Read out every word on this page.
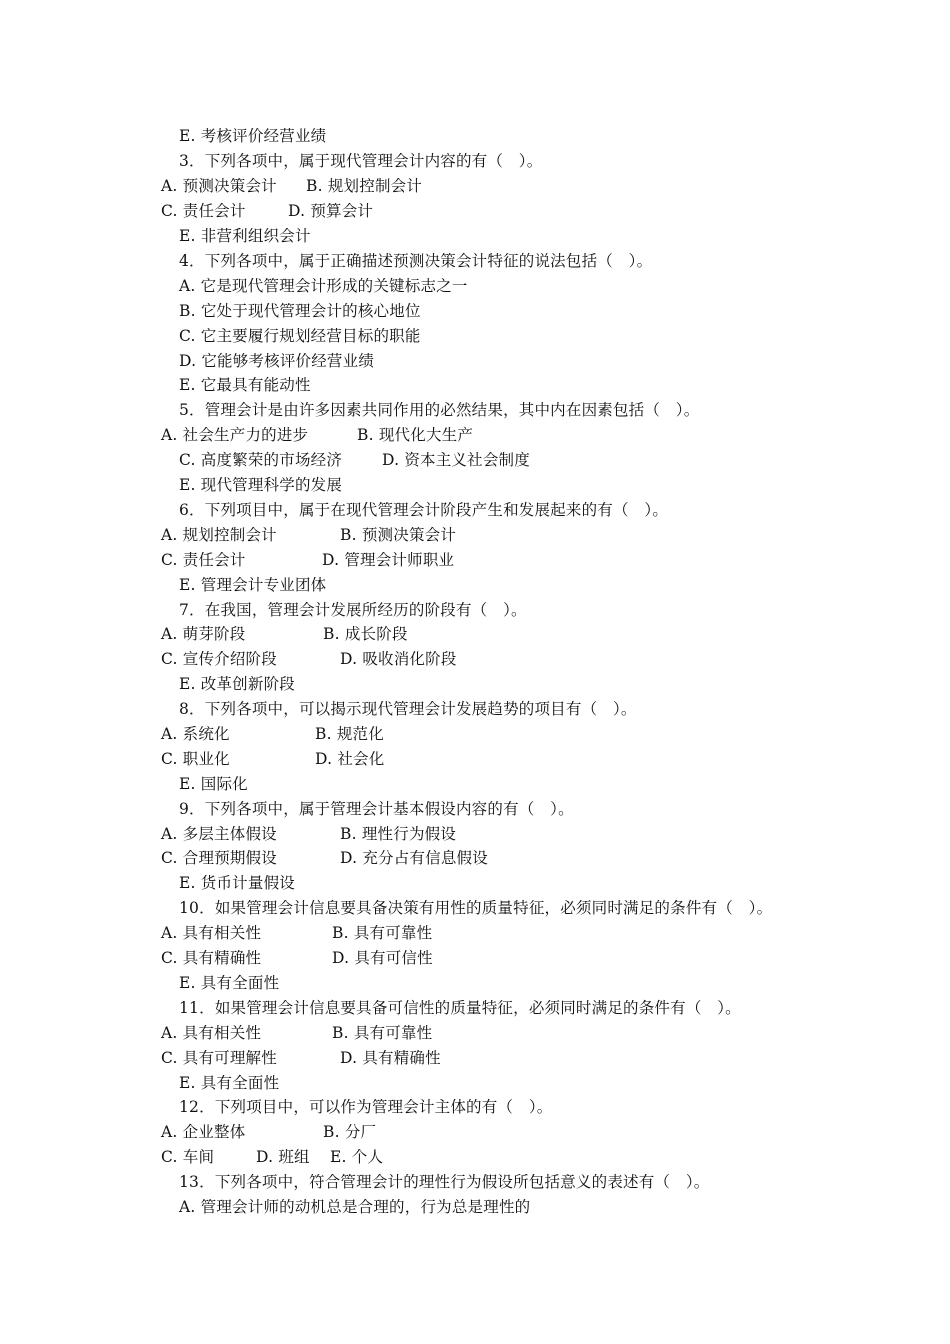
E. 考核评价经营业绩
3．下列各项中，属于现代管理会计内容的有（　）。
A. 预测决策会计 B. 规划控制会计
C. 责任会计	D. 预算会计
E. 非营利组织会计
4．下列各项中，属于正确描述预测决策会计特征的说法包括（　）。
A. 它是现代管理会计形成的关键标志之一
B. 它处于现代管理会计的核心地位
C. 它主要履行规划经营目标的职能
D. 它能够考核评价经营业绩
E. 它最具有能动性
5．管理会计是由许多因素共同作用的必然结果，其中内在因素包括（　）。
A. 社会生产力的进步	B. 现代化大生产
C. 高度繁荣的市场经济	D. 资本主义社会制度
E. 现代管理科学的发展
6．下列项目中，属于在现代管理会计阶段产生和发展起来的有（　）。
A. 规划控制会计	B. 预测决策会计
C. 责任会计	D. 管理会计师职业
E. 管理会计专业团体
7．在我国，管理会计发展所经历的阶段有（　）。
A. 萌芽阶段	B. 成长阶段
C. 宣传介绍阶段	D. 吸收消化阶段
E. 改革创新阶段
8．下列各项中，可以揭示现代管理会计发展趋势的项目有（　）。
A. 系统化	B. 规范化
C. 职业化	D. 社会化
E. 国际化
9．下列各项中，属于管理会计基本假设内容的有（　）。
A. 多层主体假设	B. 理性行为假设
C. 合理预期假设	D. 充分占有信息假设
E. 货币计量假设
10．如果管理会计信息要具备决策有用性的质量特征，必须同时满足的条件有（　）。
A. 具有相关性	B. 具有可靠性
C. 具有精确性	D. 具有可信性
E. 具有全面性
11．如果管理会计信息要具备可信性的质量特征，必须同时满足的条件有（　）。
A. 具有相关性	B. 具有可靠性
C. 具有可理解性	D. 具有精确性
E. 具有全面性
12．下列项目中，可以作为管理会计主体的有（　）。
A. 企业整体	B. 分厂
C. 车间	D. 班组 E. 个人
13．下列各项中，符合管理会计的理性行为假设所包括意义的表述有（　）。
A. 管理会计师的动机总是合理的，行为总是理性的
